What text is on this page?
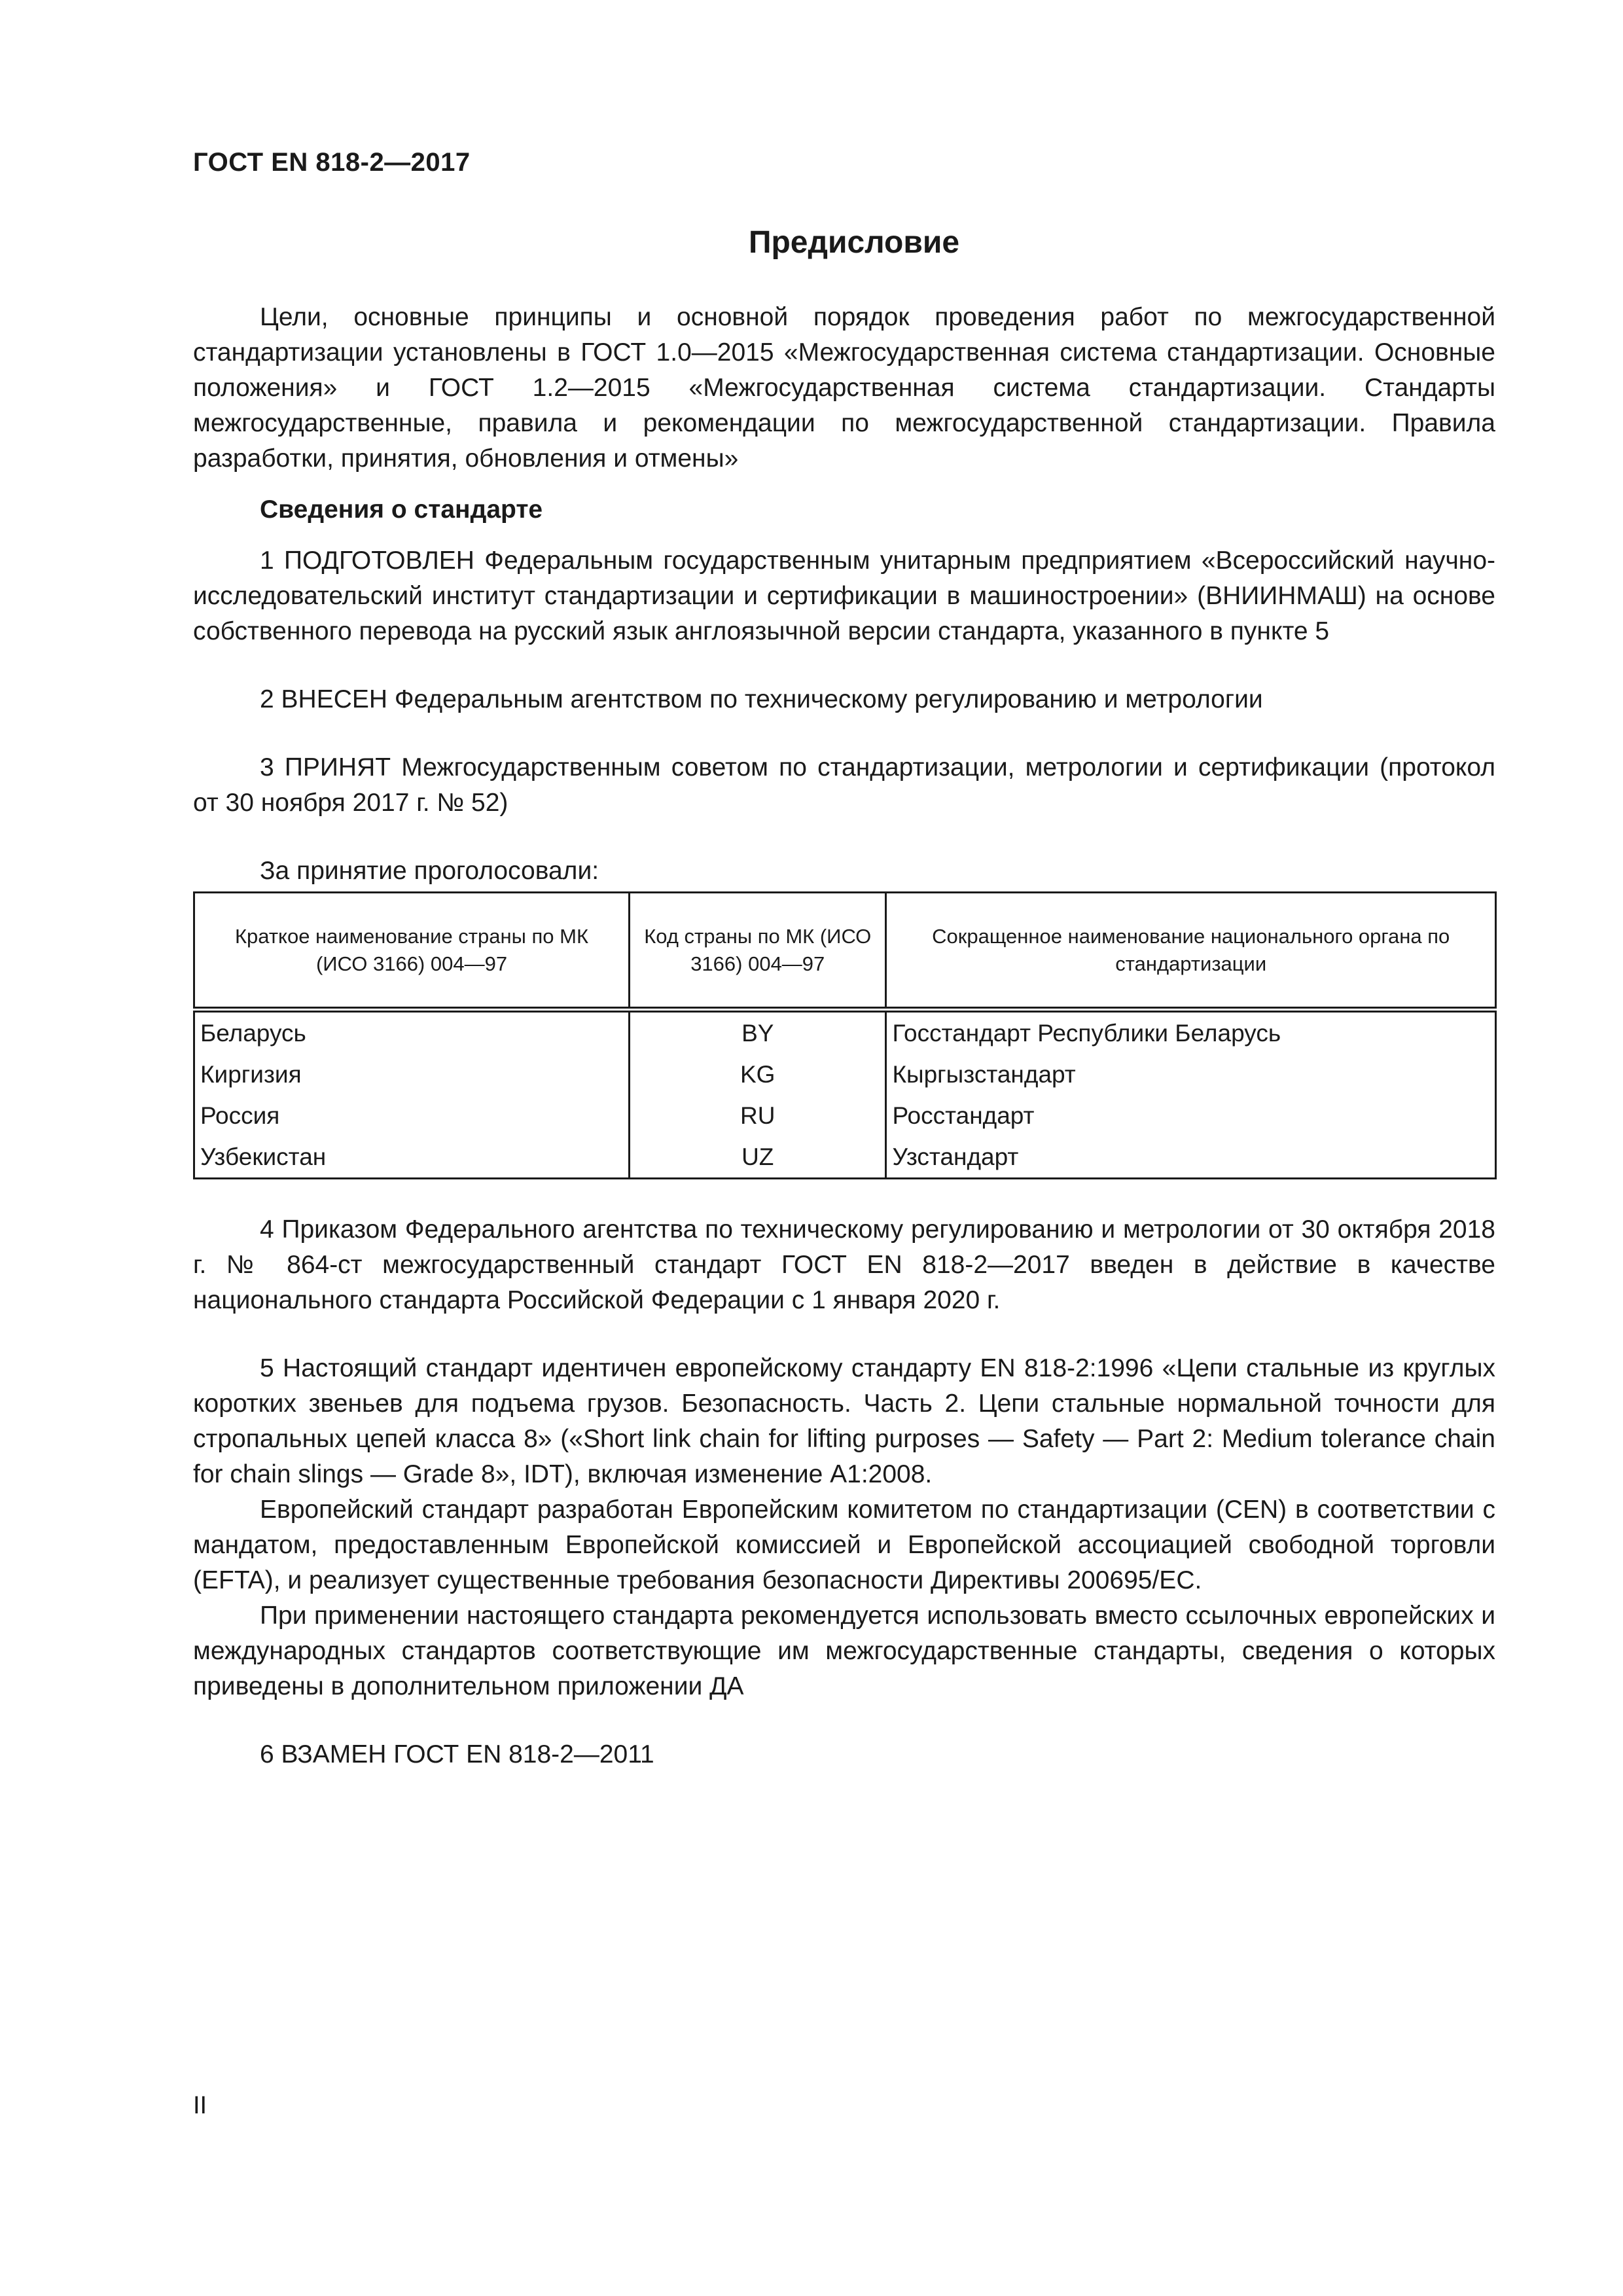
ГОСТ EN 818-2—2017
Предисловие

Цели, основные принципы и основной порядок проведения работ по межгосударственной стандартизации установлены в ГОСТ 1.0—2015 «Межгосударственная система стандартизации. Основные положения» и ГОСТ 1.2—2015 «Межгосударственная система стандартизации. Стандарты межгосударственные, правила и рекомендации по межгосударственной стандартизации. Правила разработки, принятия, обновления и отмены»

Сведения о стандарте

1 ПОДГОТОВЛЕН Федеральным государственным унитарным предприятием «Всероссийский научно-исследовательский институт стандартизации и сертификации в машиностроении» (ВНИИНМАШ) на основе собственного перевода на русский язык англоязычной версии стандарта, указанного в пункте 5

2 ВНЕСЕН Федеральным агентством по техническому регулированию и метрологии

3 ПРИНЯТ Межгосударственным советом по стандартизации, метрологии и сертификации (протокол от 30 ноября 2017 г. № 52)

За принятие проголосовали:

Краткое наименование страны по МК (ИСО 3166) 004—97	Код страны по МК (ИСО 3166) 004—97	Сокращенное наименование национального органа по стандартизации
Беларусь	BY	Госстандарт Республики Беларусь
Киргизия	KG	Кыргызстандарт
Россия	RU	Росстандарт
Узбекистан	UZ	Узстандарт

4 Приказом Федерального агентства по техническому регулированию и метрологии от 30 октября 2018 г. № 864-ст межгосударственный стандарт ГОСТ EN 818-2—2017 введен в действие в качестве национального стандарта Российской Федерации с 1 января 2020 г.

5 Настоящий стандарт идентичен европейскому стандарту EN 818-2:1996 «Цепи стальные из круглых коротких звеньев для подъема грузов. Безопасность. Часть 2. Цепи стальные нормальной точности для стропальных цепей класса 8» («Short link chain for lifting purposes — Safety — Part 2: Medium tolerance chain for chain slings — Grade 8», IDT), включая изменение А1:2008.

Европейский стандарт разработан Европейским комитетом по стандартизации (CEN) в соответствии с мандатом, предоставленным Европейской комиссией и Европейской ассоциацией свободной торговли (EFTA), и реализует существенные требования безопасности Директивы 200695/ЕС.

При применении настоящего стандарта рекомендуется использовать вместо ссылочных европейских и международных стандартов соответствующие им межгосударственные стандарты, сведения о которых приведены в дополнительном приложении ДА

6 ВЗАМЕН ГОСТ EN 818-2—2011

II
